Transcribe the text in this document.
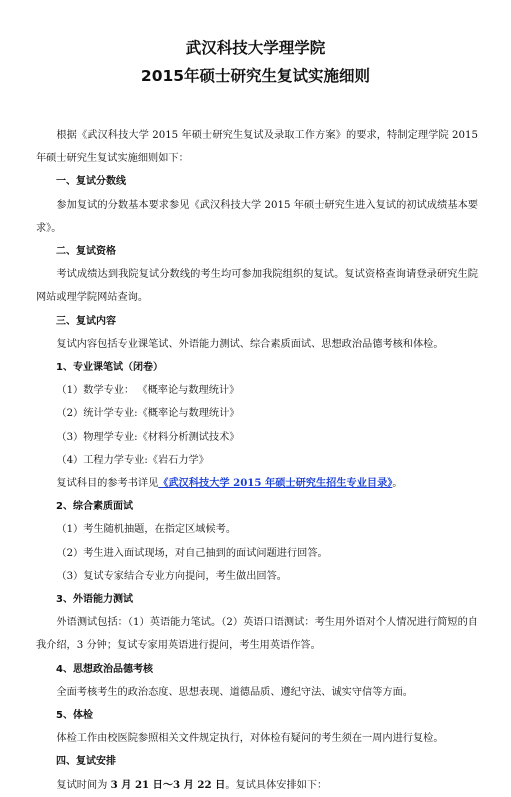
武汉科技大学理学院
2015年硕士研究生复试实施细则

根据《武汉科技大学 2015 年硕士研究生复试及录取工作方案》的要求，特制定理学院 2015 年硕士研究生复试实施细则如下：

一、复试分数线

参加复试的分数基本要求参见《武汉科技大学 2015 年硕士研究生进入复试的初试成绩基本要求》。

二、复试资格

考试成绩达到我院复试分数线的考生均可参加我院组织的复试。复试资格查询请登录研究生院网站或理学院网站查询。

三、复试内容

复试内容包括专业课笔试、外语能力测试、综合素质面试、思想政治品德考核和体检。

1、专业课笔试（闭卷）

（1）数学专业： 《概率论与数理统计》

（2）统计学专业:《概率论与数理统计》

（3）物理学专业:《材料分析测试技术》

（4）工程力学专业:《岩石力学》

复试科目的参考书详见《武汉科技大学 2015 年硕士研究生招生专业目录》。

2、综合素质面试

（1）考生随机抽题，在指定区域候考。

（2）考生进入面试现场，对自己抽到的面试问题进行回答。

（3）复试专家结合专业方向提问，考生做出回答。

3、外语能力测试

外语测试包括：（1）英语能力笔试。（2）英语口语测试：考生用外语对个人情况进行简短的自我介绍，3 分钟；复试专家用英语进行提问，考生用英语作答。

4、思想政治品德考核

全面考核考生的政治态度、思想表现、道德品质、遵纪守法、诚实守信等方面。

5、体检

体检工作由校医院参照相关文件规定执行，对体检有疑问的考生须在一周内进行复检。

四、复试安排

复试时间为 3 月 21 日～3 月 22 日。复试具体安排如下：
